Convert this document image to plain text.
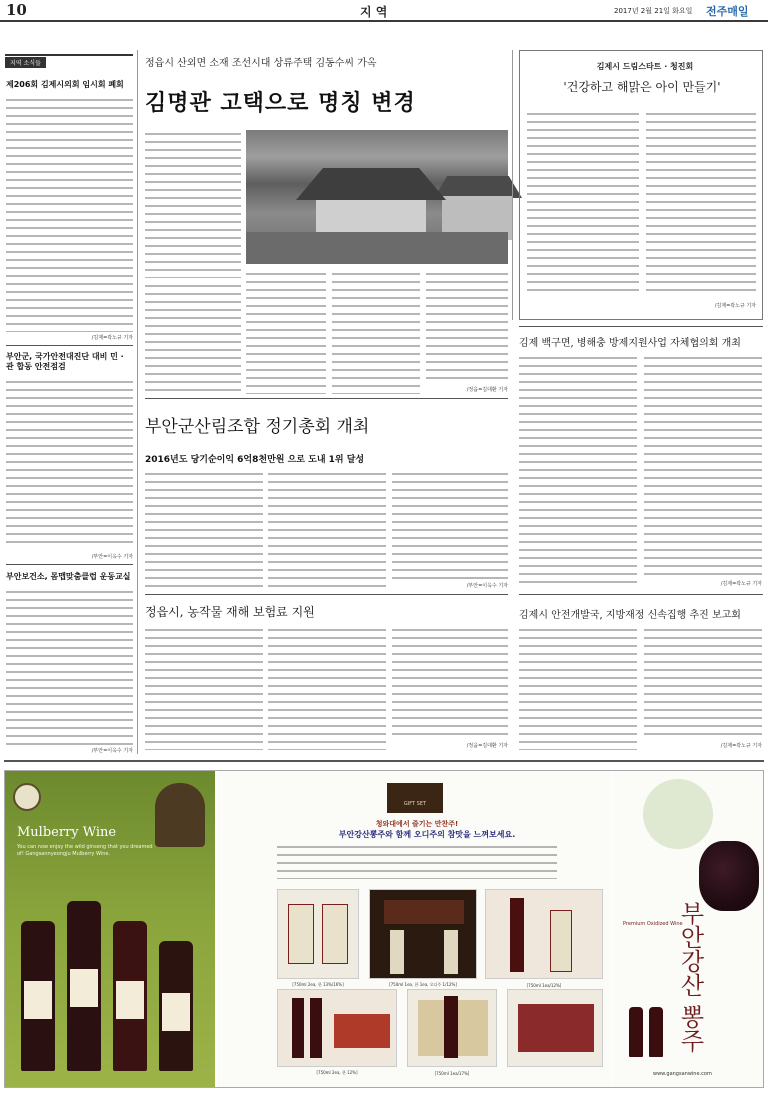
10	지 역	2017년 2월 21일 화요일 전주매일
지역 소식들
제206회 김제시의회 임시회 폐회
/김제=곽노규 기자
부안군, 국가안전대진단 대비 민 · 관 합동 안전점검
/부안=이옥수 기자
부안보건소, 몸맵맞춤클럽 운동교실
/부안=이옥수 기자
정읍시 산외면 소재 조선시대 상류주택 김동수씨 가옥
김명관 고택으로 명칭 변경
/정읍=김대환 기자
김제시 드림스타트 · 청진회
'건강하고 해맑은 아이 만들기'
/김제=곽노규 기자
부안군산림조합 정기총회 개최
2016년도 당기순이익 6억8천만원 으로 도내 1위 달성
/부안=이옥수 기자
김제 백구면, 병해충 방제지원사업 자체협의회 개최
/김제=곽노규 기자
정읍시, 농작물 재해 보험료 지원
/정읍=김대환 기자
김제시 안전개발국, 지방재정 신속집행 추진 보고회
/김제=곽노규 기자
Mulberry Wine
You can now enjoy the wild ginseng that you dreamed of! Gangsannyeongju Mulberry Wine.
GIFT SET
청와대에서 즐기는 만찬주!
부안강산뽕주와 함께 오디주의 참맛을 느껴보세요.
[750ml 2ea, 한 13%/16%]	[750ml 1ea, 한 1ea, 오디주 1/12%]	[750ml 1ea/12%]
[750ml 2ea, 한 12%]	[750ml 1ea/17%]
부안강산 뽕주
Premium Oxidized Wine
www.gangsanwine.com
